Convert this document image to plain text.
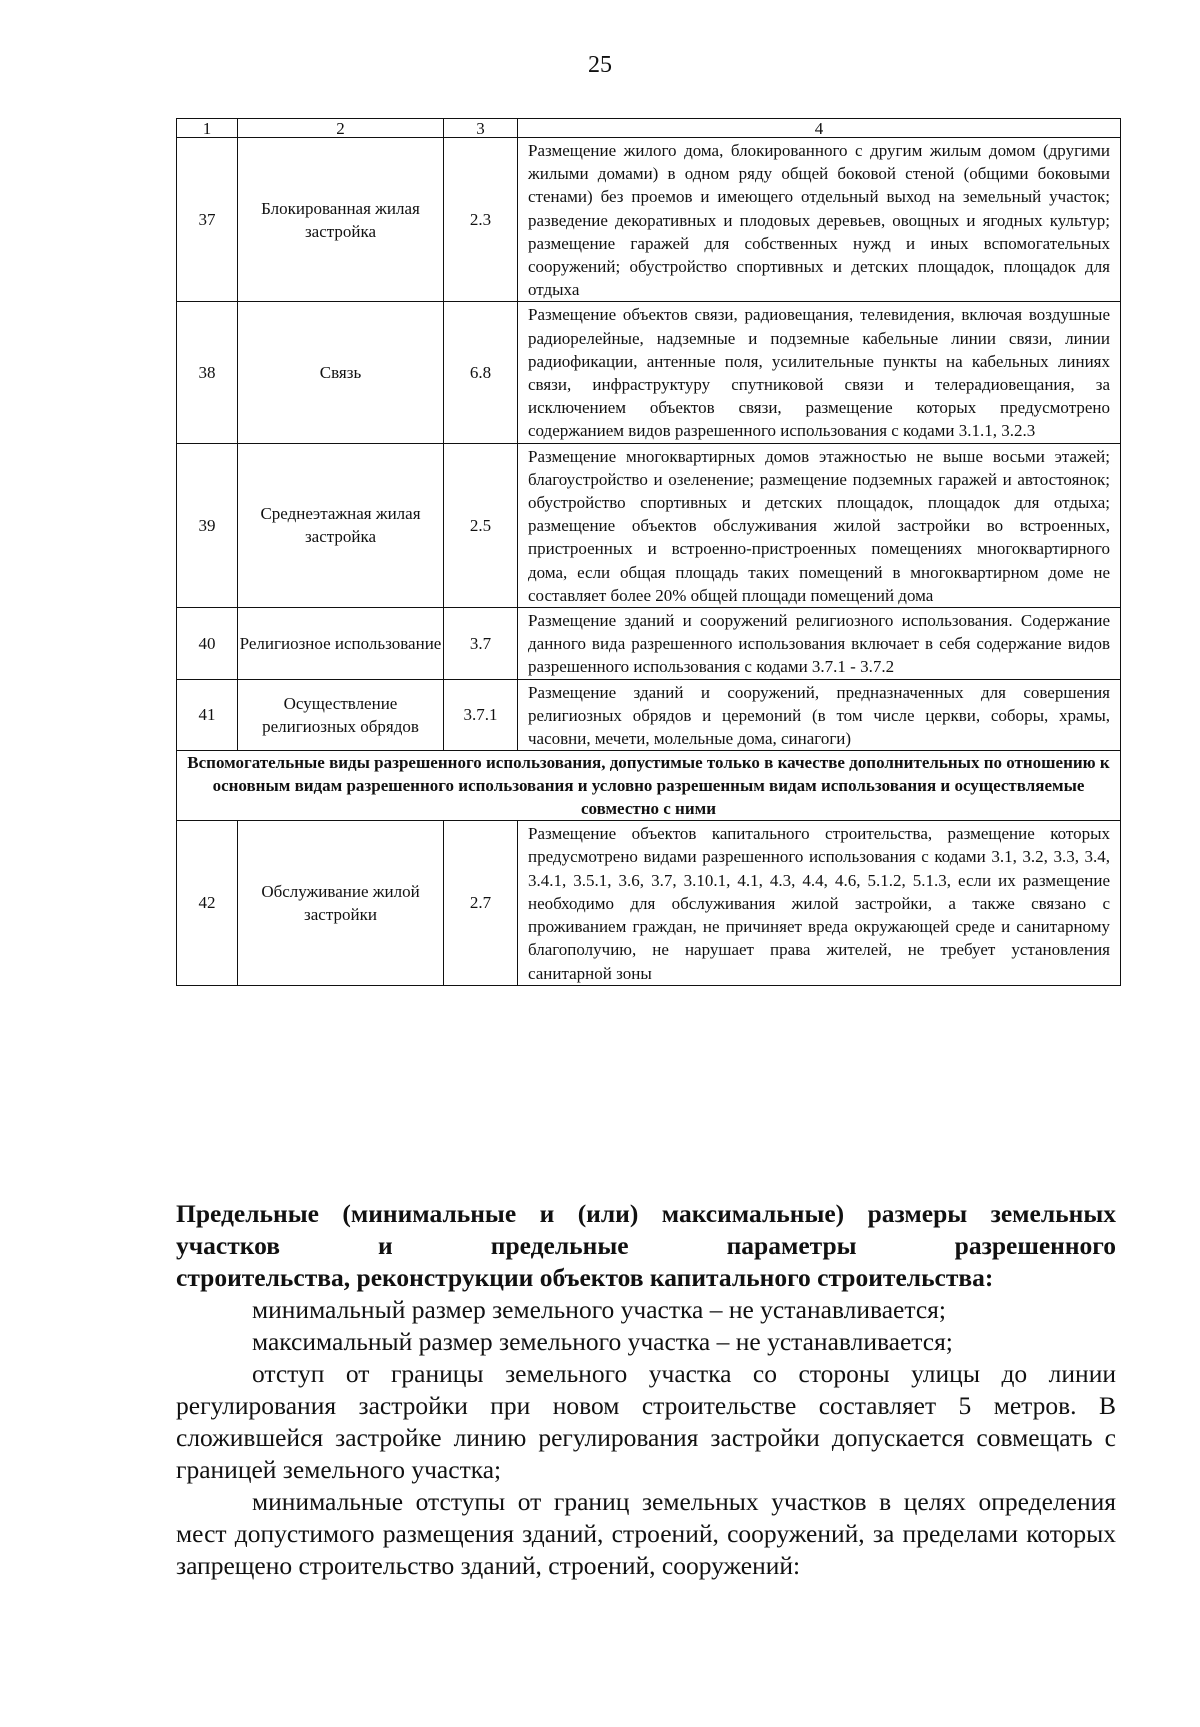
25
1	2	3	4
37	Блокированная жилая застройка	2.3	Размещение жилого дома, блокированного с другим жилым домом (другими жилыми домами) в одном ряду общей боковой стеной (общими боковыми стенами) без проемов и имеющего отдельный выход на земельный участок; разведение декоративных и плодовых деревьев, овощных и ягодных культур; размещение гаражей для собственных нужд и иных вспомогательных сооружений; обустройство спортивных и детских площадок, площадок для отдыха
38	Связь	6.8	Размещение объектов связи, радиовещания, телевидения, включая воздушные радиорелейные, надземные и подземные кабельные линии связи, линии радиофикации, антенные поля, усилительные пункты на кабельных линиях связи, инфраструктуру спутниковой связи и телерадиовещания, за исключением объектов связи, размещение которых предусмотрено содержанием видов разрешенного использования с кодами 3.1.1, 3.2.3
39	Среднеэтажная жилая застройка	2.5	Размещение многоквартирных домов этажностью не выше восьми этажей; благоустройство и озеленение; размещение подземных гаражей и автостоянок; обустройство спортивных и детских площадок, площадок для отдыха; размещение объектов обслуживания жилой застройки во встроенных, пристроенных и встроенно-пристроенных помещениях многоквартирного дома, если общая площадь таких помещений в многоквартирном доме не составляет более 20% общей площади помещений дома
40	Религиозное использование	3.7	Размещение зданий и сооружений религиозного использования. Содержание данного вида разрешенного использования включает в себя содержание видов разрешенного использования с кодами 3.7.1 - 3.7.2
41	Осуществление религиозных обрядов	3.7.1	Размещение зданий и сооружений, предназначенных для совершения религиозных обрядов и церемоний (в том числе церкви, соборы, храмы, часовни, мечети, молельные дома, синагоги)
Вспомогательные виды разрешенного использования, допустимые только в качестве дополнительных по отношению к основным видам разрешенного использования и условно разрешенным видам использования и осуществляемые совместно с ними			
42	Обслуживание жилой застройки	2.7	Размещение объектов капитального строительства, размещение которых предусмотрено видами разрешенного использования с кодами 3.1, 3.2, 3.3, 3.4, 3.4.1, 3.5.1, 3.6, 3.7, 3.10.1, 4.1, 4.3, 4.4, 4.6, 5.1.2, 5.1.3, если их размещение необходимо для обслуживания жилой застройки, а также связано с проживанием граждан, не причиняет вреда окружающей среде и санитарному благополучию, не нарушает права жителей, не требует установления санитарной зоны
Предельные (минимальные и (или) максимальные) размеры земельных участков и предельные параметры разрешенного
строительства, реконструкции объектов капитального строительства:

минимальный размер земельного участка – не устанавливается;

максимальный размер земельного участка – не устанавливается;

отступ от границы земельного участка со стороны улицы до линии регулирования застройки при новом строительстве составляет 5 метров. В сложившейся застройке линию регулирования застройки допускается совмещать с границей земельного участка;

минимальные отступы от границ земельных участков в целях определения мест допустимого размещения зданий, строений, сооружений, за пределами которых запрещено строительство зданий, строений, сооружений:
